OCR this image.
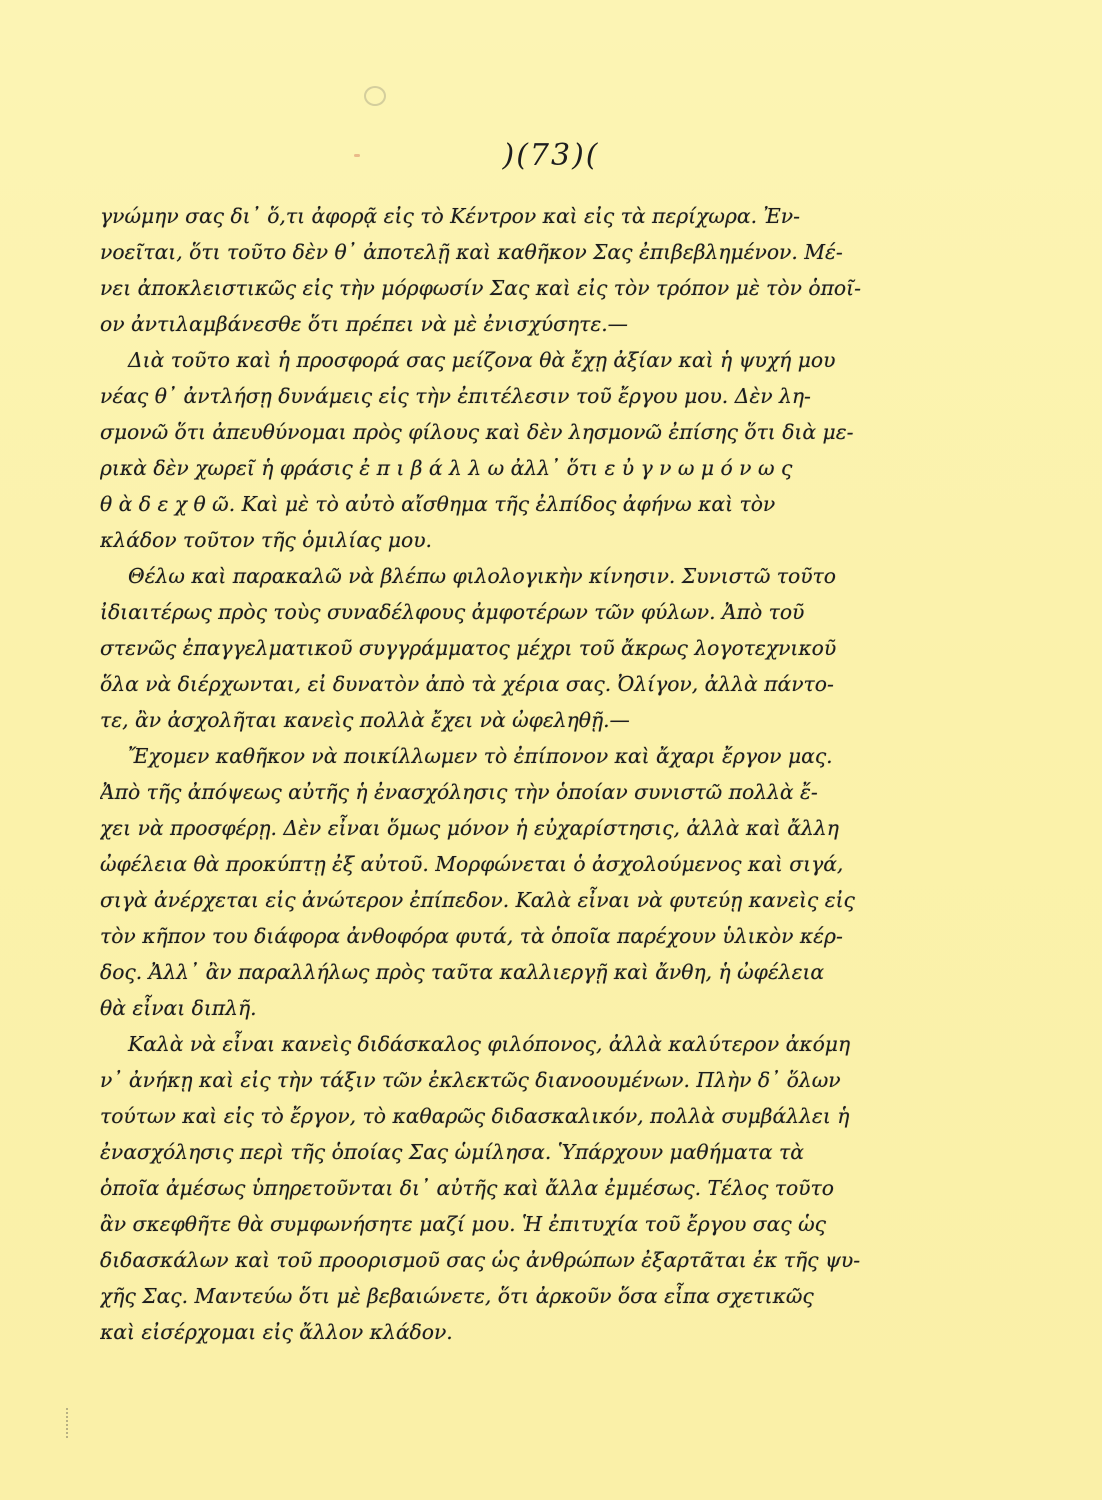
)(73)(
γνώμην σας δι᾽ ὅ,τι ἀφορᾷ εἰς τὸ Κέντρον καὶ εἰς τὰ περίχωρα. Ἐν-
νοεῖται, ὅτι τοῦτο δὲν θ᾽ ἀποτελῇ καὶ καθῆκον Σας ἐπιβεβλημένον. Μέ-
νει ἀποκλειστικῶς εἰς τὴν μόρφωσίν Σας καὶ εἰς τὸν τρόπον μὲ τὸν ὁποῖ-
ον ἀντιλαμβάνεσθε ὅτι πρέπει νὰ μὲ ἐνισχύσητε.—
Διὰ τοῦτο καὶ ἡ προσφορά σας μείζονα θὰ ἔχῃ ἀξίαν καὶ ἡ ψυχή μου
νέας θ᾽ ἀντλήσῃ δυνάμεις εἰς τὴν ἐπιτέλεσιν τοῦ ἔργου μου. Δὲν λη-
σμονῶ ὅτι ἀπευθύνομαι πρὸς φίλους καὶ δὲν λησμονῶ ἐπίσης ὅτι διὰ με-
ρικὰ δὲν χωρεῖ ἡ φράσις ἐ π ι β ά λ λ ω ἀλλ᾽ ὅτι ε ὐ γ ν ω μ ό ν ω ς
θ ὰ δ ε χ θ ῶ. Καὶ μὲ τὸ αὐτὸ αἴσθημα τῆς ἐλπίδος ἀφήνω καὶ τὸν
κλάδον τοῦτον τῆς ὁμιλίας μου.
Θέλω καὶ παρακαλῶ νὰ βλέπω φιλολογικὴν κίνησιν. Συνιστῶ τοῦτο
ἰδιαιτέρως πρὸς τοὺς συναδέλφους ἀμφοτέρων τῶν φύλων. Ἀπὸ τοῦ
στενῶς ἐπαγγελματικοῦ συγγράμματος μέχρι τοῦ ἄκρως λογοτεχνικοῦ
ὅλα νὰ διέρχωνται, εἰ δυνατὸν ἀπὸ τὰ χέρια σας. Ὀλίγον, ἀλλὰ πάντο-
τε, ἂν ἀσχολῆται κανεὶς πολλὰ ἔχει νὰ ὠφεληθῇ.—
Ἔχομεν καθῆκον νὰ ποικίλλωμεν τὸ ἐπίπονον καὶ ἄχαρι ἔργον μας.
Ἀπὸ τῆς ἀπόψεως αὐτῆς ἡ ἐνασχόλησις τὴν ὁποίαν συνιστῶ πολλὰ ἔ-
χει νὰ προσφέρῃ. Δὲν εἶναι ὅμως μόνον ἡ εὐχαρίστησις, ἀλλὰ καὶ ἄλλη
ὠφέλεια θὰ προκύπτῃ ἐξ αὐτοῦ. Μορφώνεται ὁ ἀσχολούμενος καὶ σιγά,
σιγὰ ἀνέρχεται εἰς ἀνώτερον ἐπίπεδον. Καλὰ εἶναι νὰ φυτεύῃ κανεὶς εἰς
τὸν κῆπον του διάφορα ἀνθοφόρα φυτά, τὰ ὁποῖα παρέχουν ὑλικὸν κέρ-
δος. Ἀλλ᾽ ἂν παραλλήλως πρὸς ταῦτα καλλιεργῇ καὶ ἄνθη, ἡ ὠφέλεια
θὰ εἶναι διπλῆ.
Καλὰ νὰ εἶναι κανεὶς διδάσκαλος φιλόπονος, ἀλλὰ καλύτερον ἀκόμη
ν᾽ ἀνήκῃ καὶ εἰς τὴν τάξιν τῶν ἐκλεκτῶς διανοουμένων. Πλὴν δ᾽ ὅλων
τούτων καὶ εἰς τὸ ἔργον, τὸ καθαρῶς διδασκαλικόν, πολλὰ συμβάλλει ἡ
ἐνασχόλησις περὶ τῆς ὁποίας Σας ὡμίλησα. Ὑπάρχουν μαθήματα τὰ
ὁποῖα ἀμέσως ὑπηρετοῦνται δι᾽ αὐτῆς καὶ ἄλλα ἐμμέσως. Τέλος τοῦτο
ἂν σκεφθῆτε θὰ συμφωνήσητε μαζί μου. Ἡ ἐπιτυχία τοῦ ἔργου σας ὡς
διδασκάλων καὶ τοῦ προορισμοῦ σας ὡς ἀνθρώπων ἐξαρτᾶται ἐκ τῆς ψυ-
χῆς Σας. Μαντεύω ὅτι μὲ βεβαιώνετε, ὅτι ἀρκοῦν ὅσα εἶπα σχετικῶς
καὶ εἰσέρχομαι εἰς ἄλλον κλάδον.
